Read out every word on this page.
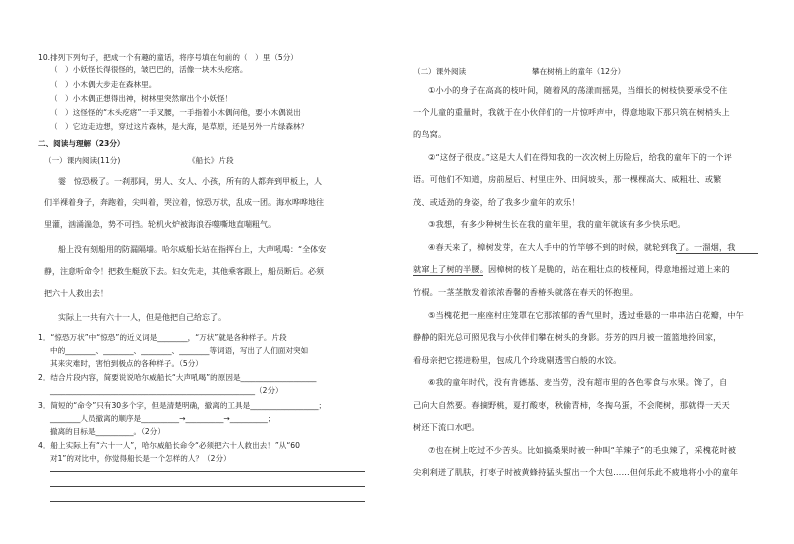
10.排列下列句子，把成一个有趣的童话，将序号填在句前的（　）里（5分）
（　）小妖怪长得很怪的，皱巴巴的，活像一块木头疙瘩。
（　）小木偶大步走在森林里。
（　）小木偶正想得出神，树林里突然窜出个小妖怪！
（　）这怪怪的“木头疙瘩”一手叉腰，一手指着小木偶问他，要小木偶说出
（　）它边走边想，穿过这片森林，是大海，是草原，还是另外一片绿森林？
二、阅读与理解（23分）
（一）课内阅读(11分)	《船长》片段
霎　惊恐极了。一刹那间，男人、女人、小孩，所有的人都奔到甲板上，人
们半裸着身子，奔跑着，尖叫着，哭泣着，惊恐万状，乱成一团。海水哗哗地往
里灌，汹涌湍急，势不可挡。轮机火炉被海浪吞噬嘶地直喘粗气。
船上没有刻船用的防漏隔墙。哈尔威船长站在指挥台上，大声吼喝：“全体安
静，注意听命令！把救生艇放下去。妇女先走，其他乘客跟上，船员断后。必须
把六十人救出去！
实际上一共有六十一人，但是他把自己给忘了。
1．“惊恐万状”中“惊恐”的近义词是________，“万状”就是各种样子。片段
中的________、________、________、________等词语，写出了人们面对突如
其来灾难时，害怕到极点的各种样子。（5分）
2．结合片段内容，简要说说哈尔威船长“大声吼喝”的原因是____________________
______________________________________________________（2分）
3．简短的“命令”只有30多个字，但是清楚明确，撤离的工具是__________________；
________人员撤离的顺序是__________→__________→__________；
撤离的目标是__________。（2分）
4．船上实际上有“六十一人”，哈尔威船长命令“必须把六十人救出去！”从“60
对1”的对比中，你觉得船长是一个怎样的人？（2分）
（二）课外阅读	攀在树梢上的童年（12分）
①小小的身子在高高的枝叶间，随着风的荡漾而摇晃，当细长的树枝快要承受不住
一个儿童的重量时，我就于在小伙伴们的一片惊呼声中，得意地取下那只筑在树梢头上
的鸟窝。
②“这伢子很皮。”这是大人们在得知我的一次次树上历险后，给我的童年下的一个评
语。可他们不知道，房前屋后、村里庄外、田间坡头，那一棵棵高大、威粗壮、或繁
茂、或适劲的身姿，给了我多少童年的欢乐！
③我想，有多少种树生长在我的童年里，我的童年就该有多少快乐吧。
④春天来了，樟树发芽，在大人手中的竹竿够不到的时候，就轮到我了。一溜烟，我
就窜上了树的半腰。因樟树的枝丫是脆的，站在粗壮点的枝桠间，得意地摇过道上来的
竹棍。一茎茎散发着浓浓香馨的香椿头就落在春天的怀抱里。
⑤当槐花把一座座村庄笼罩在它那浓郁的香气里时，透过垂悬的一串串洁白花瓣，中午
静静的阳光总可照见我与小伙伴们攀在树头的身影。芬芳的四月被一篮篮地拎回家，
看母亲把它搓进粉里，包成几个玲珑剔透雪白般的水饺。
⑥我的童年时代，没有肯德基、麦当劳，没有超市里的各色零食与水果。馋了，自
己向大自然要。春摘野桃，夏打酸枣，秋偷青柿，冬掏乌蛋，不会爬树，那就得一天天
树还下流口水吧。
⑦也在树上吃过不少苦头。比如搞桑果时被一种叫“羊辣子”的毛虫辣了，采槐花时被
尖利利迸了肌肤，打枣子时被黄蜂持猛头蜇出一个大包……但何乐此不疲地将小小的童年
